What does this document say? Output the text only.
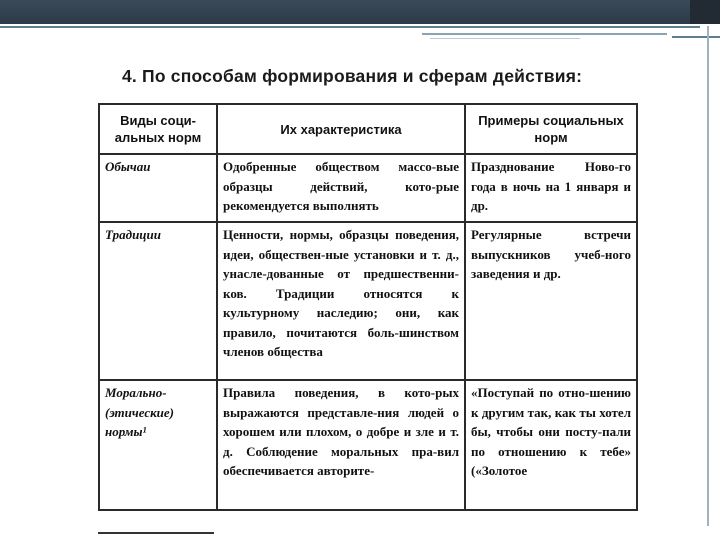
4. По способам формирования и сферам действия:
Виды соци-альных норм	Их характеристика	Примеры социальных норм
Обычаи	Одобренные обществом массо-вые образцы действий, кото-рые рекомендуется выполнять	Празднование Ново-го года в ночь на 1 января и др.
Традиции	Ценности, нормы, образцы поведения, идеи, обществен-ные установки и т. д., унасле-дованные от предшественни-ков. Традиции относятся к культурному наследию; они, как правило, почитаются боль-шинством членов общества	Регулярные встречи выпускников учеб-ного заведения и др.
Морально-(этические) нормы¹	Правила поведения, в кото-рых выражаются представле-ния людей о хорошем или плохом, о добре и зле и т. д. Соблюдение моральных пра-вил обеспечивается авторите-	«Поступай по отно-шению к другим так, как ты хотел бы, чтобы они посту-пали по отношению к тебе» («Золотое
